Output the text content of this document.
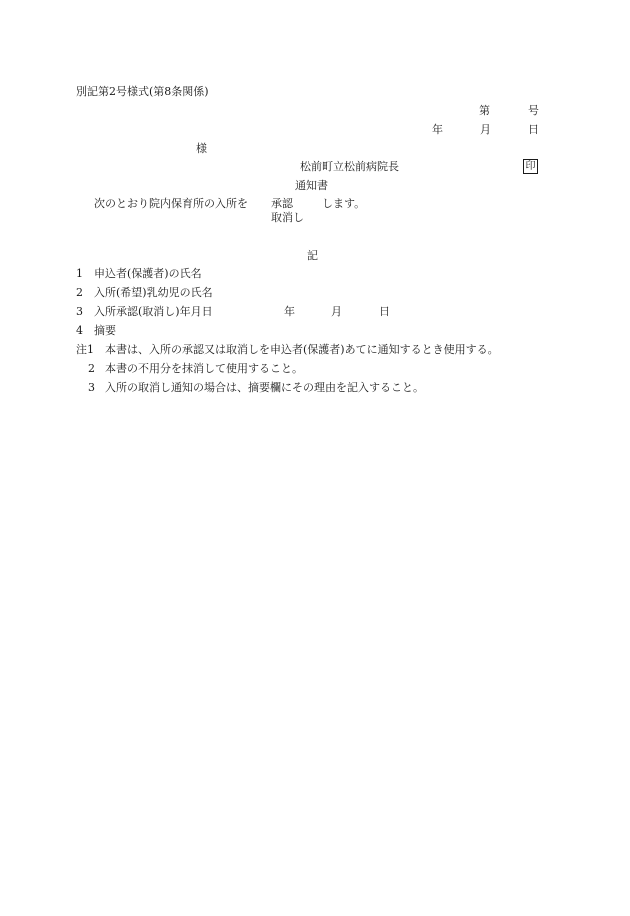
別記第2号様式(第8条関係)
第	号
年	月	日
様
松前町立松前病院長	印
通知書
次のとおり院内保育所の入所を 承認	します。
取消し
記
1 申込者(保護者)の氏名
2 入所(希望)乳幼児の氏名
3 入所承認(取消し)年月日	年	月	日
4 摘要
注1 本書は、入所の承認又は取消しを申込者(保護者)あてに通知するとき使用する。
2 本書の不用分を抹消して使用すること。
3 入所の取消し通知の場合は、摘要欄にその理由を記入すること。
